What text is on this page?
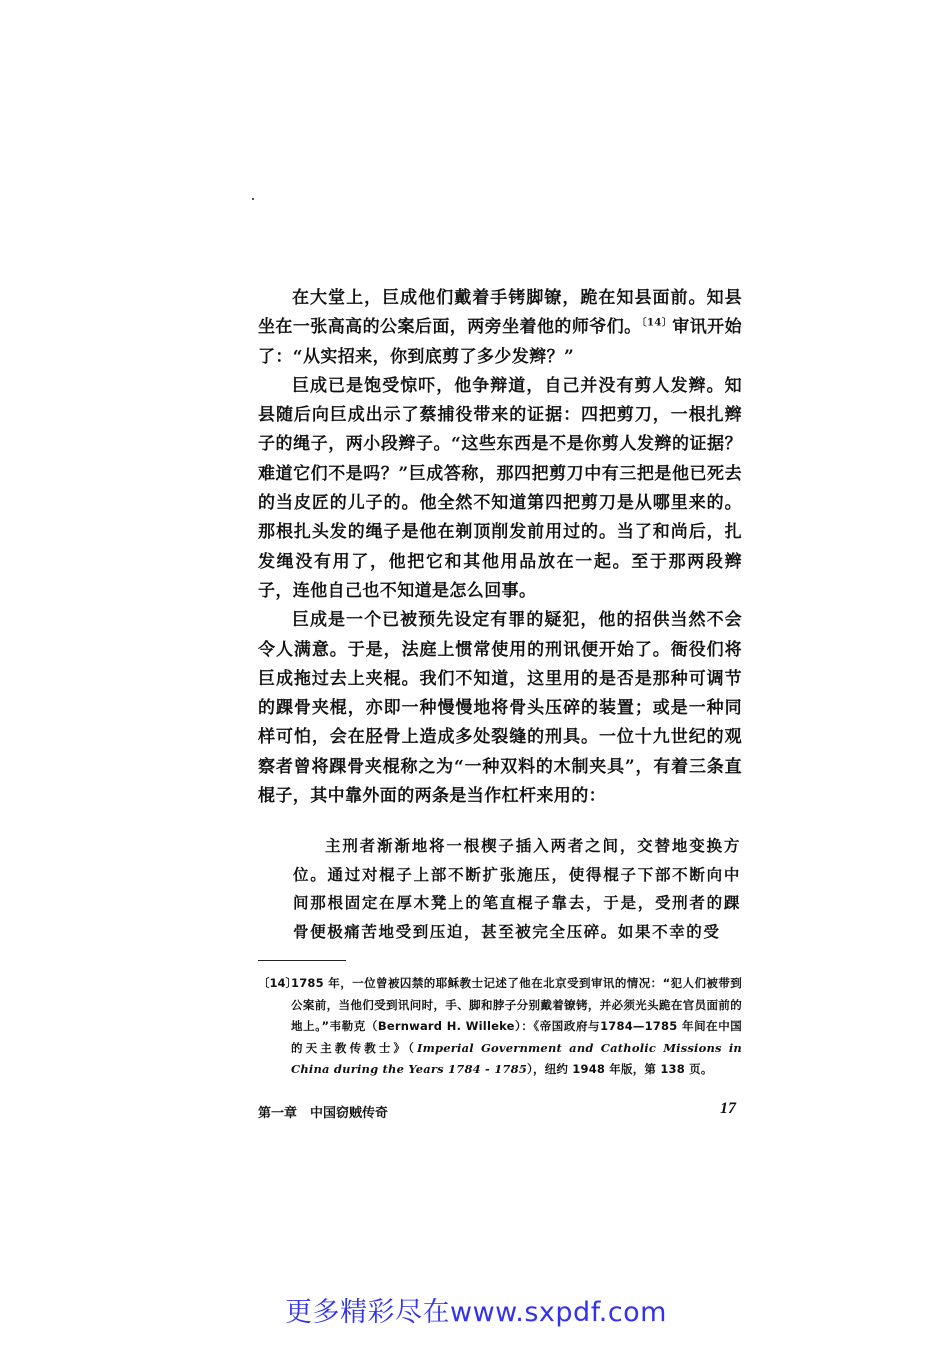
在大堂上，巨成他们戴着手铐脚镣，跪在知县面前。知县坐在一张高高的公案后面，两旁坐着他的师爷们。$^{〔14〕}$审讯开始了：“从实招来，你到底剪了多少发辫？”

巨成已是饱受惊吓，他争辩道，自己并没有剪人发辫。知县随后向巨成出示了蔡捕役带来的证据：四把剪刀，一根扎辫子的绳子，两小段辫子。“这些东西是不是你剪人发辫的证据？难道它们不是吗？”巨成答称，那四把剪刀中有三把是他已死去的当皮匠的儿子的。他全然不知道第四把剪刀是从哪里来的。那根扎头发的绳子是他在剃顶削发前用过的。当了和尚后，扎发绳没有用了，他把它和其他用品放在一起。至于那两段辫子，连他自己也不知道是怎么回事。

巨成是一个已被预先设定有罪的疑犯，他的招供当然不会令人满意。于是，法庭上惯常使用的刑讯便开始了。衙役们将巨成拖过去上夹棍。我们不知道，这里用的是否是那种可调节的踝骨夹棍，亦即一种慢慢地将骨头压碎的装置；或是一种同样可怕，会在胫骨上造成多处裂缝的刑具。一位十九世纪的观察者曾将踝骨夹棍称之为“一种双料的木制夹具”，有着三条直棍子，其中靠外面的两条是当作杠杆来用的：

主刑者渐渐地将一根楔子插入两者之间，交替地变换方位。通过对棍子上部不断扩张施压，使得棍子下部不断向中间那根固定在厚木凳上的笔直棍子靠去，于是，受刑者的踝骨便极痛苦地受到压迫，甚至被完全压碎。如果不幸的受

〔14〕
1785 年，一位曾被囚禁的耶稣教士记述了他在北京受到审讯的情况：“犯人们被带到公案前，当他们受到讯问时，手、脚和脖子分别戴着镣铐，并必须光头跪在官员面前的地上。”韦勒克（Bernward H. Willeke）：《帝国政府与1784—1785 年间在中国的天主教传教士》（Imperial Government and Catholic Missions in China during the Years 1784 - 1785），纽约 1948 年版，第 138 页。
第一章　中国窃贼传奇	17
更多精彩尽在www.sxpdf.com
